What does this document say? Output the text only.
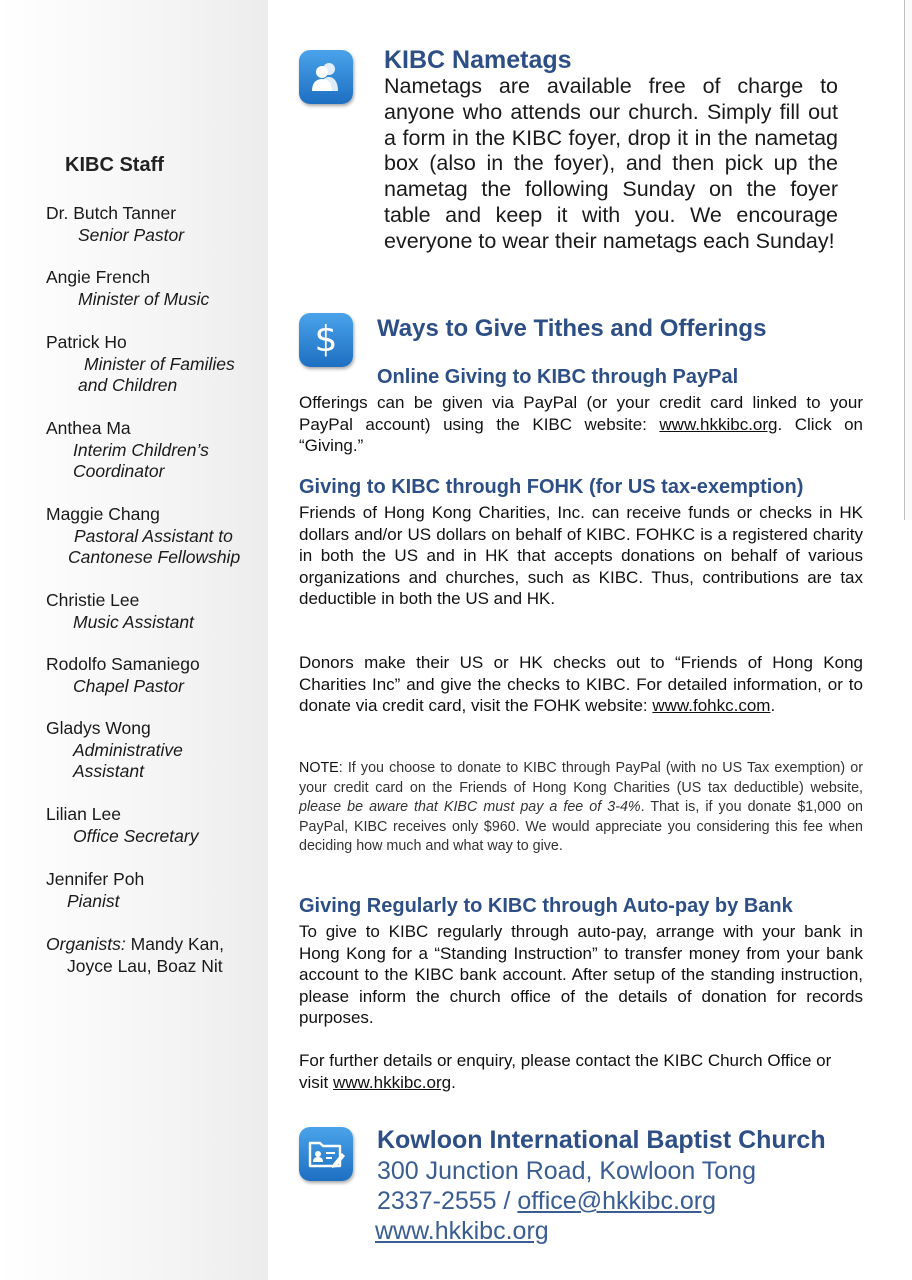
KIBC Staff
Dr. Butch Tanner
Senior Pastor
Angie French
Minister of Music
Patrick Ho
Minister of Families and Children
Anthea Ma
Interim Children’s Coordinator
Maggie Chang
Pastoral Assistant to Cantonese Fellowship
Christie Lee
Music Assistant
Rodolfo Samaniego
Chapel Pastor
Gladys Wong
Administrative Assistant
Lilian Lee
Office Secretary
Jennifer Poh
Pianist
Organists: Mandy Kan, Joyce Lau, Boaz Nit
KIBC Nametags
Nametags are available free of charge to anyone who attends our church. Simply fill out a form in the KIBC foyer, drop it in the nametag box (also in the foyer), and then pick up the nametag the following Sunday on the foyer table and keep it with you. We encourage everyone to wear their nametags each Sunday!
$ Ways to Give Tithes and Offerings
Online Giving to KIBC through PayPal
Offerings can be given via PayPal (or your credit card linked to your PayPal account) using the KIBC website: www.hkkibc.org. Click on “Giving.”
Giving to KIBC through FOHK (for US tax-exemption)
Friends of Hong Kong Charities, Inc. can receive funds or checks in HK dollars and/or US dollars on behalf of KIBC. FOHKC is a registered charity in both the US and in HK that accepts donations on behalf of various organizations and churches, such as KIBC. Thus, contributions are tax deductible in both the US and HK.
Donors make their US or HK checks out to “Friends of Hong Kong Charities Inc” and give the checks to KIBC. For detailed information, or to donate via credit card, visit the FOHK website: www.fohkc.com.
NOTE: If you choose to donate to KIBC through PayPal (with no US Tax exemption) or your credit card on the Friends of Hong Kong Charities (US tax deductible) website, please be aware that KIBC must pay a fee of 3-4%. That is, if you donate $1,000 on PayPal, KIBC receives only $960. We would appreciate you considering this fee when deciding how much and what way to give.
Giving Regularly to KIBC through Auto-pay by Bank
To give to KIBC regularly through auto-pay, arrange with your bank in Hong Kong for a “Standing Instruction” to transfer money from your bank account to the KIBC bank account. After setup of the standing instruction, please inform the church office of the details of donation for records purposes.
For further details or enquiry, please contact the KIBC Church Office or visit www.hkkibc.org.
Kowloon International Baptist Church
300 Junction Road, Kowloon Tong
2337-2555 / office@hkkibc.org
www.hkkibc.org
